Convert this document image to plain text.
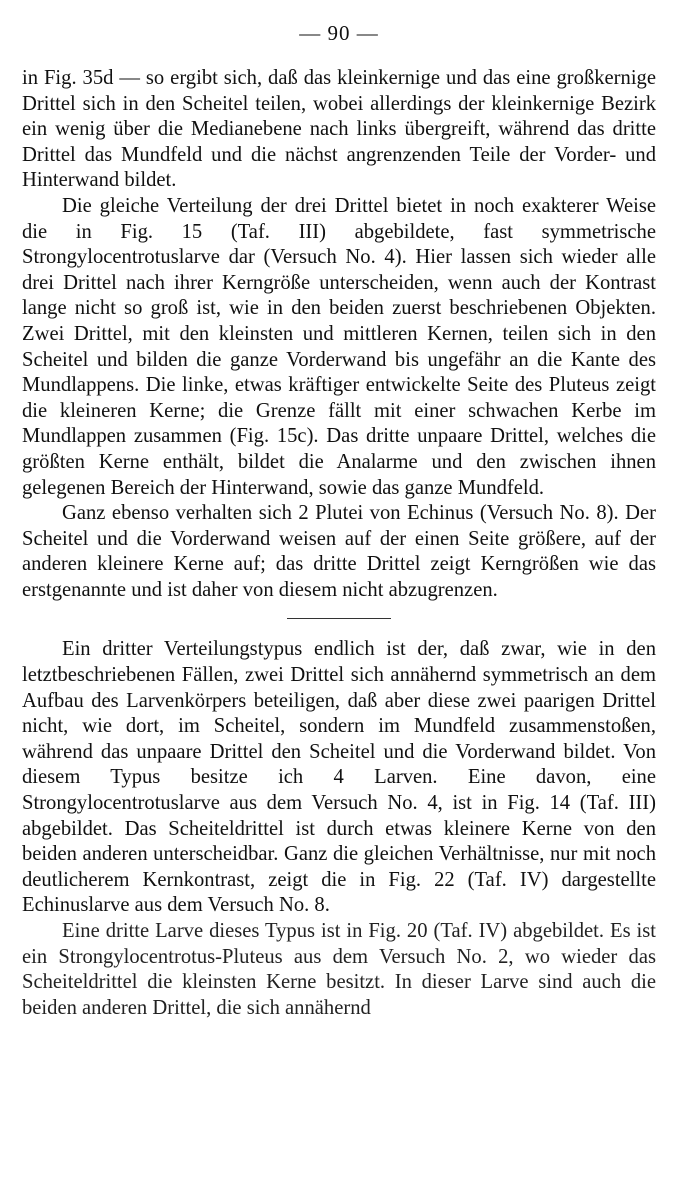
— 90 —

in Fig. 35d — so ergibt sich, daß das kleinkernige und das eine großkernige Drittel sich in den Scheitel teilen, wobei allerdings der kleinkernige Bezirk ein wenig über die Medianebene nach links übergreift, während das dritte Drittel das Mundfeld und die nächst angrenzenden Teile der Vorder- und Hinterwand bildet.

Die gleiche Verteilung der drei Drittel bietet in noch exakterer Weise die in Fig. 15 (Taf. III) abgebildete, fast symmetrische Strongylocentrotuslarve dar (Versuch No. 4). Hier lassen sich wieder alle drei Drittel nach ihrer Kerngröße unterscheiden, wenn auch der Kontrast lange nicht so groß ist, wie in den beiden zuerst beschriebenen Objekten. Zwei Drittel, mit den kleinsten und mittleren Kernen, teilen sich in den Scheitel und bilden die ganze Vorderwand bis ungefähr an die Kante des Mundlappens. Die linke, etwas kräftiger entwickelte Seite des Pluteus zeigt die kleineren Kerne; die Grenze fällt mit einer schwachen Kerbe im Mundlappen zusammen (Fig. 15c). Das dritte unpaare Drittel, welches die größten Kerne enthält, bildet die Analarme und den zwischen ihnen gelegenen Bereich der Hinterwand, sowie das ganze Mundfeld.

Ganz ebenso verhalten sich 2 Plutei von Echinus (Versuch No. 8). Der Scheitel und die Vorderwand weisen auf der einen Seite größere, auf der anderen kleinere Kerne auf; das dritte Drittel zeigt Kerngrößen wie das erstgenannte und ist daher von diesem nicht abzugrenzen.

Ein dritter Verteilungstypus endlich ist der, daß zwar, wie in den letztbeschriebenen Fällen, zwei Drittel sich annähernd symmetrisch an dem Aufbau des Larvenkörpers beteiligen, daß aber diese zwei paarigen Drittel nicht, wie dort, im Scheitel, sondern im Mundfeld zusammenstoßen, während das unpaare Drittel den Scheitel und die Vorderwand bildet. Von diesem Typus besitze ich 4 Larven. Eine davon, eine Strongylocentrotuslarve aus dem Versuch No. 4, ist in Fig. 14 (Taf. III) abgebildet. Das Scheiteldrittel ist durch etwas kleinere Kerne von den beiden anderen unterscheidbar. Ganz die gleichen Verhältnisse, nur mit noch deutlicherem Kernkontrast, zeigt die in Fig. 22 (Taf. IV) dargestellte Echinuslarve aus dem Versuch No. 8.

Eine dritte Larve dieses Typus ist in Fig. 20 (Taf. IV) abgebildet. Es ist ein Strongylocentrotus-Pluteus aus dem Versuch No. 2, wo wieder das Scheiteldrittel die kleinsten Kerne besitzt. In dieser Larve sind auch die beiden anderen Drittel, die sich annähernd
